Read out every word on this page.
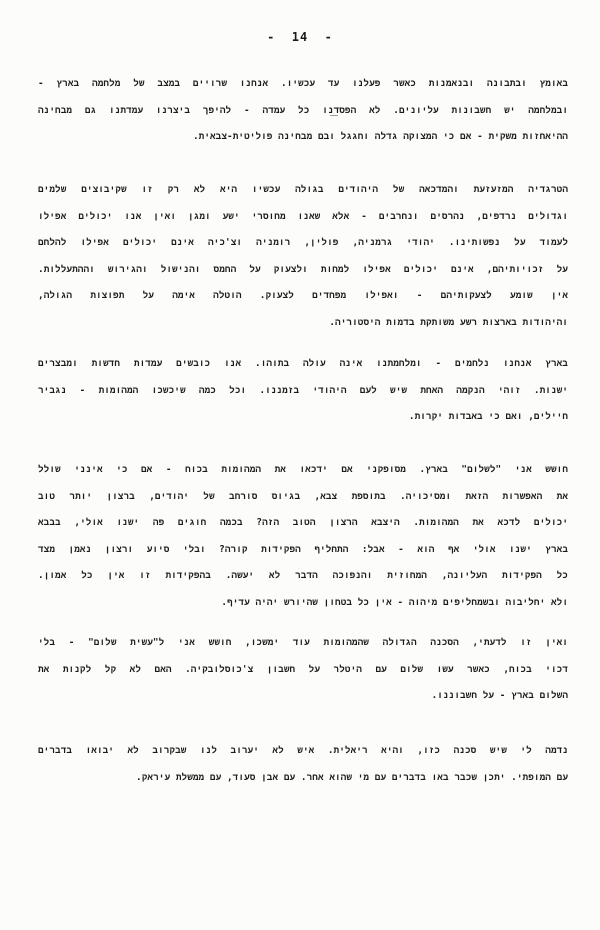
-  14  -
באומץ ובתבונה ובנאמנות כאשר פעלנו עד עכשיו. אנחנו שרויים במצב של מלחמה בארץ -
ובמלחמה יש חשבונות עליונים. לא הפסדנו כל עמדה - להיפך ביצרנו עמדתנו גם מבחינה
ההיאחזות משקית - אם כי המצוקה גדלה וחגגל ובם מבחינה פוליטית-צבאית.
הטרגדיה המזעזעת והמדכאה של היהודים בגולה עכשיו היא לא רק זו שקיבוצים שלמים
וגדולים נרדפים, נהרסים ונחרבים - אלא שאנו מחוסרי ישע ומגן ואין אנו יכולים אפילו
לעמוד על נפשותינו. יהודי גרמניה, פולין, רומניה וצ'כיה אינם יכולים אפילו להלחם
על זכויותיהם, אינם יכולים אפילו למחות ולצעוק על החמס והנישול והגירוש וההתעללות.
אין שומע לצעקותיהם - ואפילו מפחדים לצעוק. הוטלה אימה על תפוצות הגולה,
והיהודות בארצות רשע משותקת בדמות היסטוריה.
בארץ אנחנו נלחמים - ומלחמתנו אינה עולה בתוהו. אנו כובשים עמדות חדשות ומבצרים
ישנות. זוהי הנקמה האחת שיש לעם היהודי בזמננו. וכל כמה שיכשכו המהומות - נגביר
חיילים, ואם כי באבדות יקרות.
חושש אני "לשלום" בארץ. מסופקני אם ידכאו את המהומות בכוח - אם כי אינני שולל
את האפשרות הזאת ומסיכויה. בתוספת צבא, בגיוס סורחב של יהודים, ברצון יותר טוב
יכולים לדכא את המהומות. היצבא הרצון הטוב הזה? בכמה חוגים פה ישנו אולי, בבבא
בארץ ישנו אולי אף הוא - אבל: התחליף הפקידות קורה? ובלי סיוע ורצון נאמן מצד
כל הפקידות העליונה, המחוזית והנפוכה הדבר לא יעשה. בהפקידות זו אין כל אמון.
ולא יחליבוה ובשמחליפים מיהוה - אין כל בטחון שהיורש יהיה עדיף.
ואין זו לדעתי, הסכנה הגדולה שהמהומות עוד ימשכו, חושש אני ל"עשית שלום" - בלי
דכוי בכוח, כאשר עשו שלום עם היטלר על חשבון צ'כוסלובקיה. האם לא קל לקנות את
השלום בארץ - על חשבוננו.
נדמה לי שיש סכנה כזו, והיא ריאלית. איש לא יערוב לנו שבקרוב לא יבואו בדברים
עם המופתי. יתכן שכבר באו בדברים עם מי שהוא אחר. עם אבן סעוד, עם ממשלת עיראק.
